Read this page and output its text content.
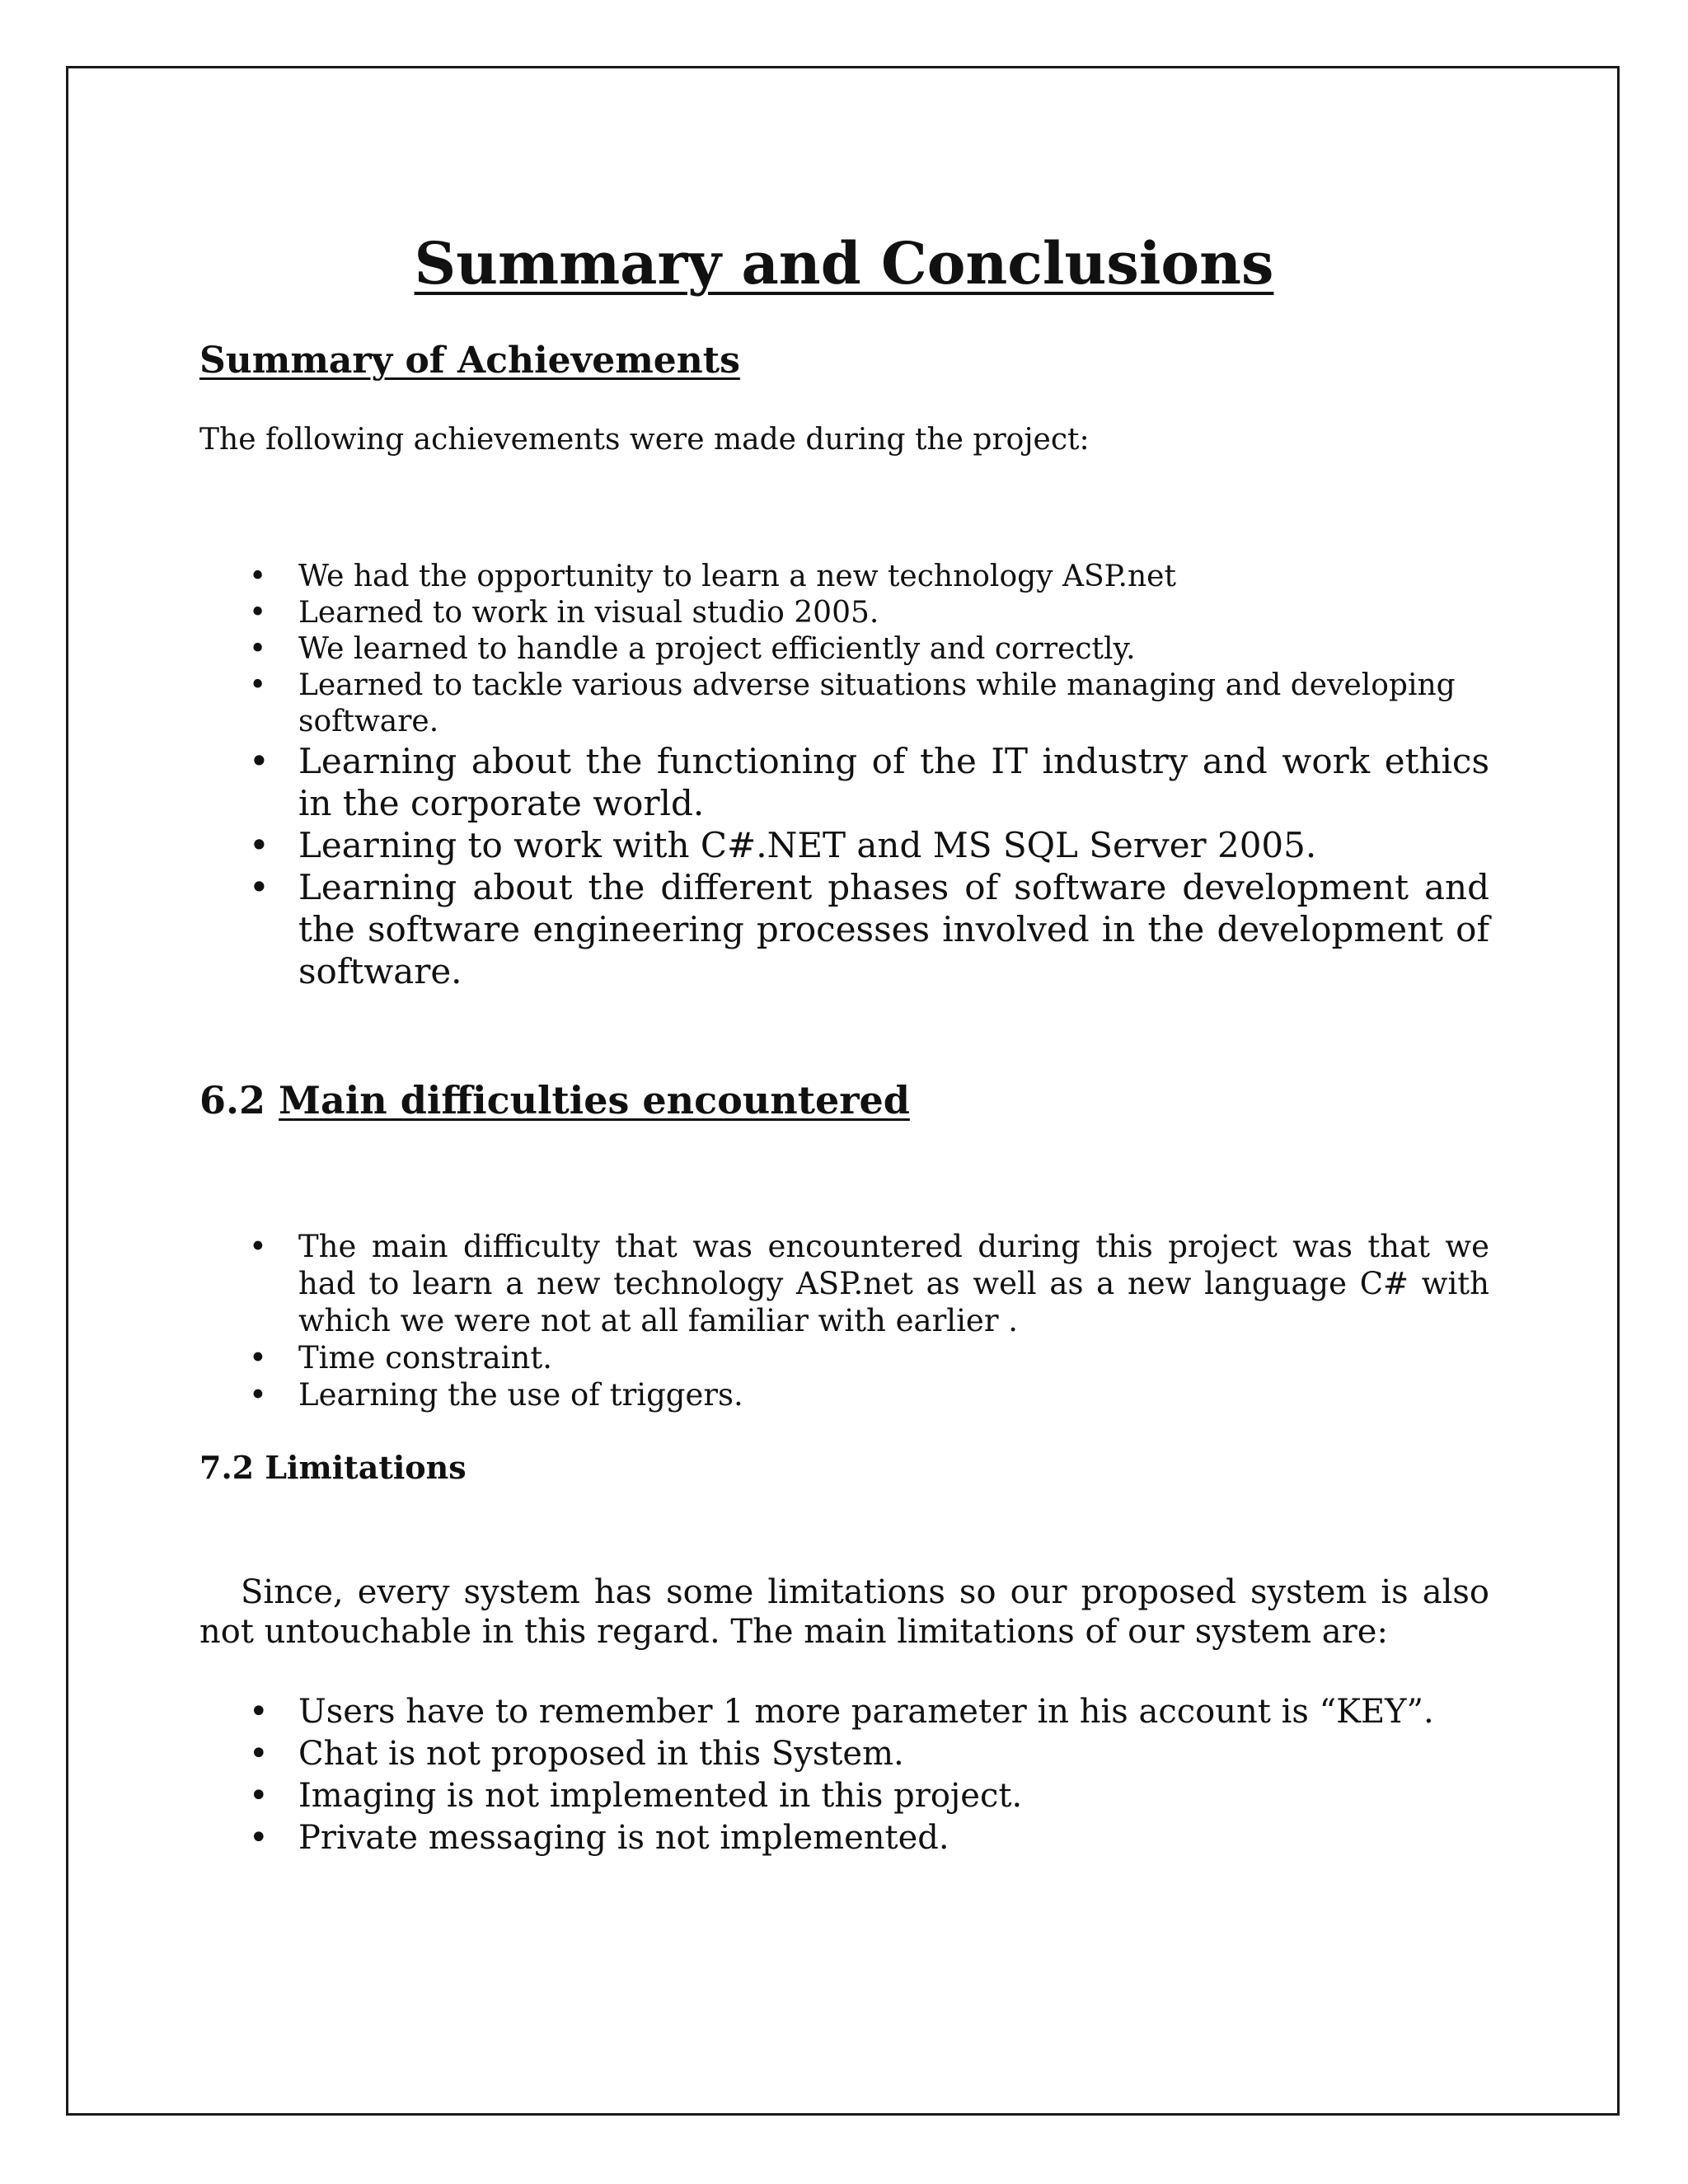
Summary and Conclusions
Summary of Achievements

The following achievements were made during the project:

• We had the opportunity to learn a new technology ASP.net
• Learned to work in visual studio 2005.
• We learned to handle a project efficiently and correctly.
• Learned to tackle various adverse situations while managing and developing software.
• Learning about the functioning of the IT industry and work ethics in the corporate world.
• Learning to work with C#.NET and MS SQL Server 2005.
• Learning about the different phases of software development and the software engineering processes involved in the development of software.
6.2 Main difficulties encountered
• The main difficulty that was encountered during this project was that we had to learn a new technology ASP.net as well as a new language C# with which we were not at all familiar with earlier .
• Time constraint.
• Learning the use of triggers.
7.2 Limitations

Since, every system has some limitations so our proposed system is also not untouchable in this regard. The main limitations of our system are:

• Users have to remember 1 more parameter in his account is “KEY”.
• Chat is not proposed in this System.
• Imaging is not implemented in this project.
• Private messaging is not implemented.
